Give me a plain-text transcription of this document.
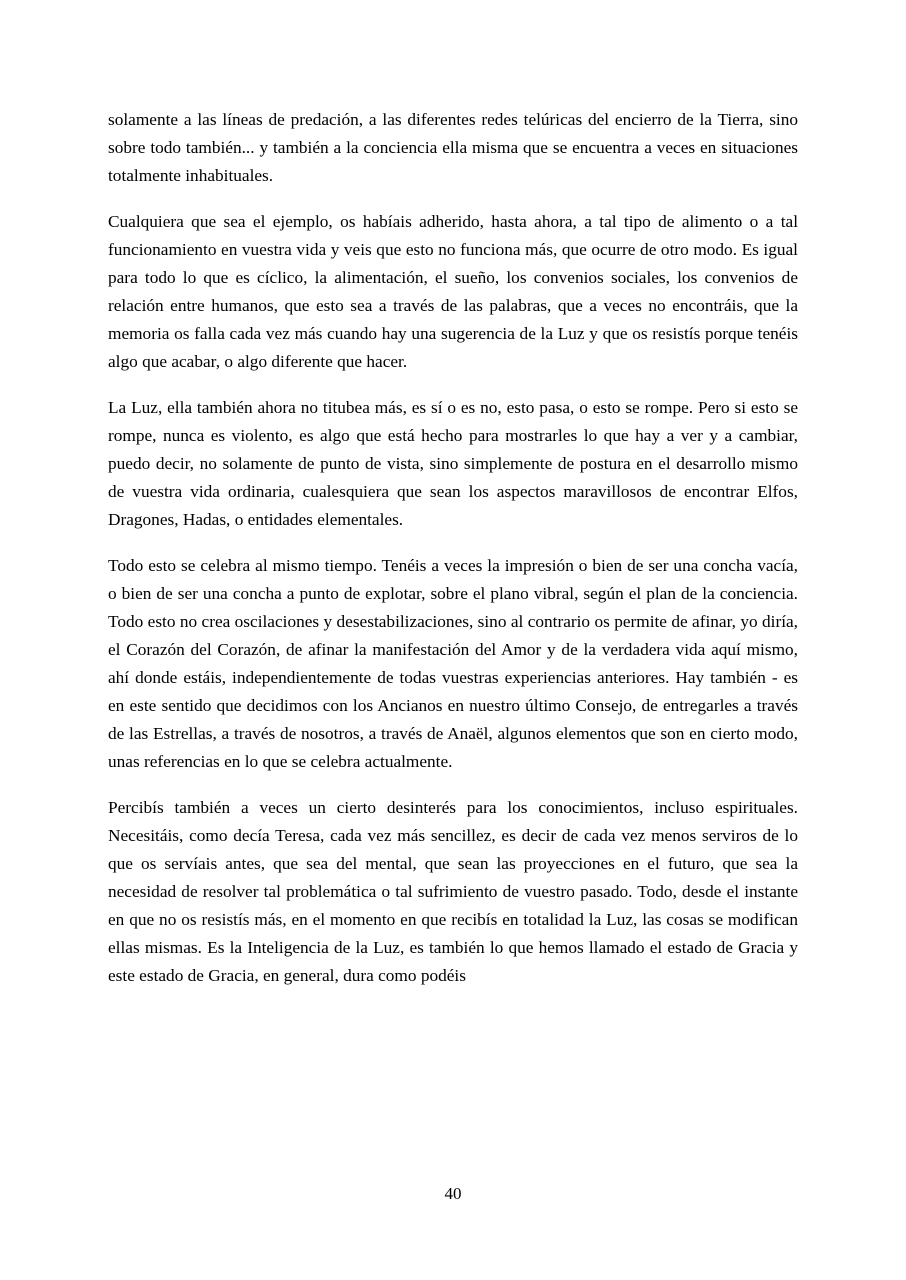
solamente a las líneas de predación, a las diferentes redes telúricas del encierro de la Tierra, sino sobre todo también... y también a la conciencia ella misma que se encuentra a veces en situaciones totalmente inhabituales.

Cualquiera que sea el ejemplo, os habíais adherido, hasta ahora, a tal tipo de alimento o a tal funcionamiento en vuestra vida y veis que esto no funciona más, que ocurre de otro modo. Es igual para todo lo que es cíclico, la alimentación, el sueño, los convenios sociales, los convenios de relación entre humanos, que esto sea a través de las palabras, que a veces no encontráis, que la memoria os falla cada vez más cuando hay una sugerencia de la Luz y que os resistís porque tenéis algo que acabar, o algo diferente que hacer.

La Luz, ella también ahora no titubea más, es sí o es no, esto pasa, o esto se rompe. Pero si esto se rompe, nunca es violento, es algo que está hecho para mostrarles lo que hay a ver y a cambiar, puedo decir, no solamente de punto de vista, sino simplemente de postura en el desarrollo mismo de vuestra vida ordinaria, cualesquiera que sean los aspectos maravillosos de encontrar Elfos, Dragones, Hadas, o entidades elementales.

Todo esto se celebra al mismo tiempo. Tenéis a veces la impresión o bien de ser una concha vacía, o bien de ser una concha a punto de explotar, sobre el plano vibral, según el plan de la conciencia. Todo esto no crea oscilaciones y desestabilizaciones, sino al contrario os permite de afinar, yo diría, el Corazón del Corazón, de afinar la manifestación del Amor y de la verdadera vida aquí mismo, ahí donde estáis, independientemente de todas vuestras experiencias anteriores. Hay también - es en este sentido que decidimos con los Ancianos en nuestro último Consejo, de entregarles a través de las Estrellas, a través de nosotros, a través de Anaël, algunos elementos que son en cierto modo, unas referencias en lo que se celebra actualmente.

Percibís también a veces un cierto desinterés para los conocimientos, incluso espirituales. Necesitáis, como decía Teresa, cada vez más sencillez, es decir de cada vez menos serviros de lo que os servíais antes, que sea del mental, que sean las proyecciones en el futuro, que sea la necesidad de resolver tal problemática o tal sufrimiento de vuestro pasado. Todo, desde el instante en que no os resistís más, en el momento en que recibís en totalidad la Luz, las cosas se modifican ellas mismas. Es la Inteligencia de la Luz, es también lo que hemos llamado el estado de Gracia y este estado de Gracia, en general, dura como podéis

40
